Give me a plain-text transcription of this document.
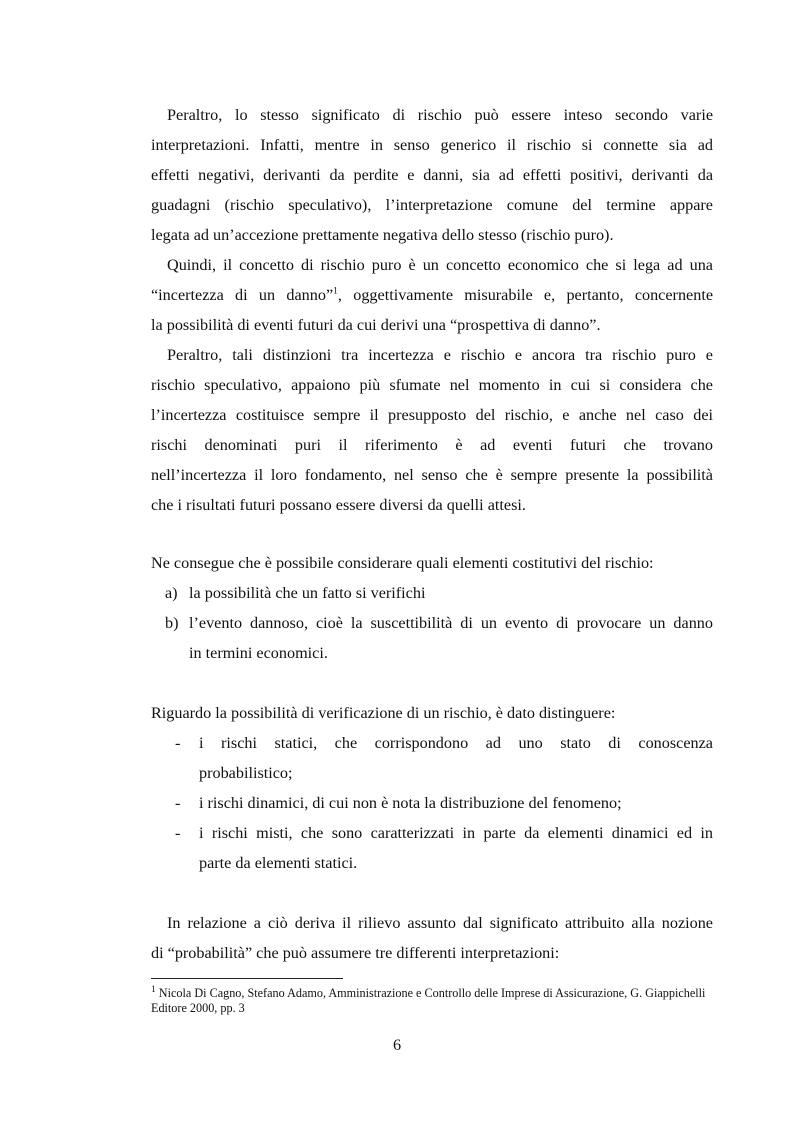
Peraltro, lo stesso significato di rischio può essere inteso secondo varie
interpretazioni. Infatti, mentre in senso generico il rischio si connette sia ad
effetti negativi, derivanti da perdite e danni, sia ad effetti positivi, derivanti da
guadagni (rischio speculativo), l’interpretazione comune del termine appare
legata ad un’accezione prettamente negativa dello stesso (rischio puro).
Quindi, il concetto di rischio puro è un concetto economico che si lega ad una
“incertezza di un danno”$^1$, oggettivamente misurabile e, pertanto, concernente
la possibilità di eventi futuri da cui derivi una “prospettiva di danno”.
Peraltro, tali distinzioni tra incertezza e rischio e ancora tra rischio puro e
rischio speculativo, appaiono più sfumate nel momento in cui si considera che
l’incertezza costituisce sempre il presupposto del rischio, e anche nel caso dei
rischi denominati puri il riferimento è ad eventi futuri che trovano
nell’incertezza il loro fondamento, nel senso che è sempre presente la possibilità
che i risultati futuri possano essere diversi da quelli attesi.
Ne consegue che è possibile considerare quali elementi costitutivi del rischio:
a) la possibilità che un fatto si verifichi
b) l’evento dannoso, cioè la suscettibilità di un evento di provocare un danno
in termini economici.
Riguardo la possibilità di verificazione di un rischio, è dato distinguere:
- i rischi statici, che corrispondono ad uno stato di conoscenza
probabilistico;
- i rischi dinamici, di cui non è nota la distribuzione del fenomeno;
- i rischi misti, che sono caratterizzati in parte da elementi dinamici ed in
parte da elementi statici.
In relazione a ciò deriva il rilievo assunto dal significato attribuito alla nozione
di “probabilità” che può assumere tre differenti interpretazioni:
$^1$ Nicola Di Cagno, Stefano Adamo, Amministrazione e Controllo delle Imprese di Assicurazione, G. Giappichelli Editore 2000, pp. 3
6
